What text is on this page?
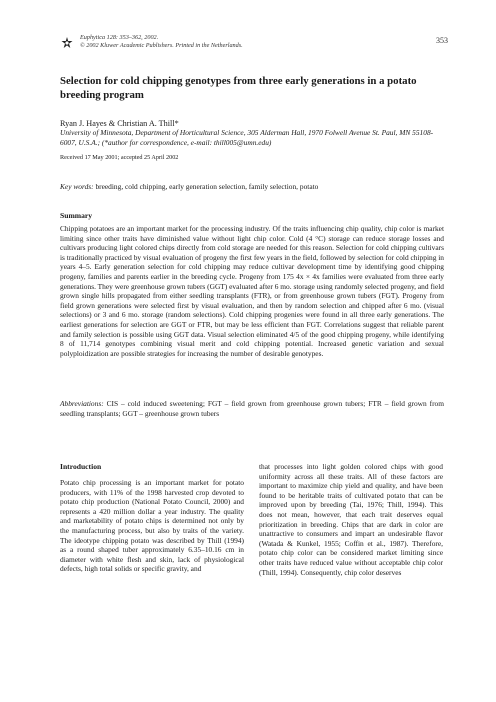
Euphytica 128: 353–362, 2002.
© 2002 Kluwer Academic Publishers. Printed in the Netherlands.
353
Selection for cold chipping genotypes from three early generations in a potato breeding program

Ryan J. Hayes & Christian A. Thill*

University of Minnesota, Department of Horticultural Science, 305 Alderman Hall, 1970 Folwell Avenue St. Paul, MN 55108-6007, U.S.A.; (*author for correspondence, e-mail: thill005@umn.edu)

Received 17 May 2001; accepted 25 April 2002

Key words: breeding, cold chipping, early generation selection, family selection, potato

Summary

Chipping potatoes are an important market for the processing industry. Of the traits influencing chip quality, chip color is market limiting since other traits have diminished value without light chip color. Cold (4 °C) storage can reduce storage losses and cultivars producing light colored chips directly from cold storage are needed for this reason. Selection for cold chipping cultivars is traditionally practiced by visual evaluation of progeny the first few years in the field, followed by selection for cold chipping in years 4–5. Early generation selection for cold chipping may reduce cultivar development time by identifying good chipping progeny, families and parents earlier in the breeding cycle. Progeny from 175 4x × 4x families were evaluated from three early generations. They were greenhouse grown tubers (GGT) evaluated after 6 mo. storage using randomly selected progeny, and field grown single hills propagated from either seedling transplants (FTR), or from greenhouse grown tubers (FGT). Progeny from field grown generations were selected first by visual evaluation, and then by random selection and chipped after 6 mo. (visual selections) or 3 and 6 mo. storage (random selections). Cold chipping progenies were found in all three early generations. The earliest generations for selection are GGT or FTR, but may be less efficient than FGT. Correlations suggest that reliable parent and family selection is possible using GGT data. Visual selection eliminated 4/5 of the good chipping progeny, while identifying 8 of 11,714 genotypes combining visual merit and cold chipping potential. Increased genetic variation and sexual polyploidization are possible strategies for increasing the number of desirable genotypes.

Abbreviations: CIS – cold induced sweetening; FGT – field grown from greenhouse grown tubers; FTR – field grown from seedling transplants; GGT – greenhouse grown tubers

Introduction

Potato chip processing is an important market for potato producers, with 11% of the 1998 harvested crop devoted to potato chip production (National Potato Council, 2000) and represents a 420 million dollar a year industry. The quality and marketability of potato chips is determined not only by the manufacturing process, but also by traits of the variety. The ideotype chipping potato was described by Thill (1994) as a round shaped tuber approximately 6.35–10.16 cm in diameter with white flesh and skin, lack of physiological defects, high total solids or specific gravity, and

that processes into light golden colored chips with good uniformity across all these traits. All of these factors are important to maximize chip yield and quality, and have been found to be heritable traits of cultivated potato that can be improved upon by breeding (Tai, 1976; Thill, 1994). This does not mean, however, that each trait deserves equal prioritization in breeding. Chips that are dark in color are unattractive to consumers and impart an undesirable flavor (Watada & Kunkel, 1955; Coffin et al., 1987). Therefore, potato chip color can be considered market limiting since other traits have reduced value without acceptable chip color (Thill, 1994). Consequently, chip color deserves
